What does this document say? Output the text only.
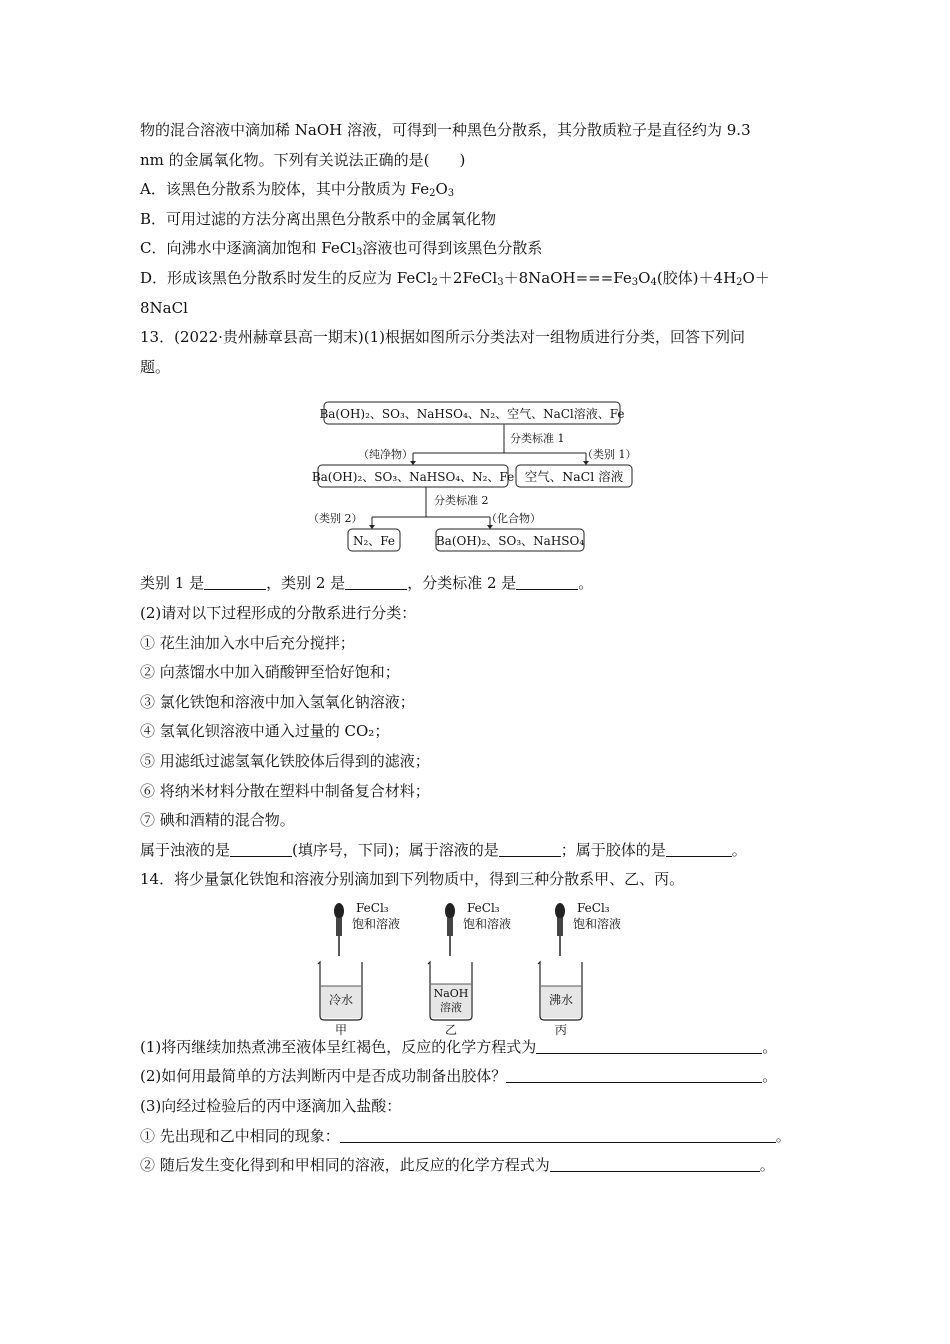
物的混合溶液中滴加稀 NaOH 溶液，可得到一种黑色分散系，其分散质粒子是直径约为 9.3
nm 的金属氧化物。下列有关说法正确的是(　　)
A．该黑色分散系为胶体，其中分散质为 $Fe_2O_3$
B．可用过滤的方法分离出黑色分散系中的金属氧化物
C．向沸水中逐滴滴加饱和 FeCl$_3$溶液也可得到该黑色分散系
D．形成该黑色分散系时发生的反应为 $FeCl_2+2FeCl_3+8NaOH===Fe_3O_4$(胶体)$+4H_2O+$
8NaCl
13．(2022·贵州赫章县高一期末)(1)根据如图所示分类法对一组物质进行分类，回答下列问
题。
类别 1 是	，类别 2 是	，分类标准 2 是	。
(2)请对以下过程形成的分散系进行分类：
① 花生油加入水中后充分搅拌；
② 向蒸馏水中加入硝酸钾至恰好饱和；
③ 氯化铁饱和溶液中加入氢氧化钠溶液；
④ 氢氧化钡溶液中通入过量的 CO₂；
⑤ 用滤纸过滤氢氧化铁胶体后得到的滤液；
⑥ 将纳米材料分散在塑料中制备复合材料；
⑦ 碘和酒精的混合物。
属于浊液的是	(填序号，下同)；属于溶液的是	；属于胶体的是	。
14．将少量氯化铁饱和溶液分别滴加到下列物质中，得到三种分散系甲、乙、丙。
(1)将丙继续加热煮沸至液体呈红褐色，反应的化学方程式为	。
(2)如何用最简单的方法判断丙中是否成功制备出胶体？	。
(3)向经过检验后的丙中逐滴加入盐酸：
① 先出现和乙中相同的现象：	。
② 随后发生变化得到和甲相同的溶液，此反应的化学方程式为	。
Ba(OH)₂、SO₃、NaHSO₄、N₂、空气、NaCl溶液、Fe
分类标准 1
（纯净物）	（类别 1）
Ba(OH)₂、SO₃、NaHSO₄、N₂、Fe 空气、NaCl 溶液
分类标准 2
（类别 2）	（化合物）
N₂、Fe	Ba(OH)₂、SO₃、NaHSO₄
FeCl₃
饱和溶液
冷水
甲
FeCl₃
饱和溶液
NaOH
溶液
乙
FeCl₃
饱和溶液
沸水
丙
